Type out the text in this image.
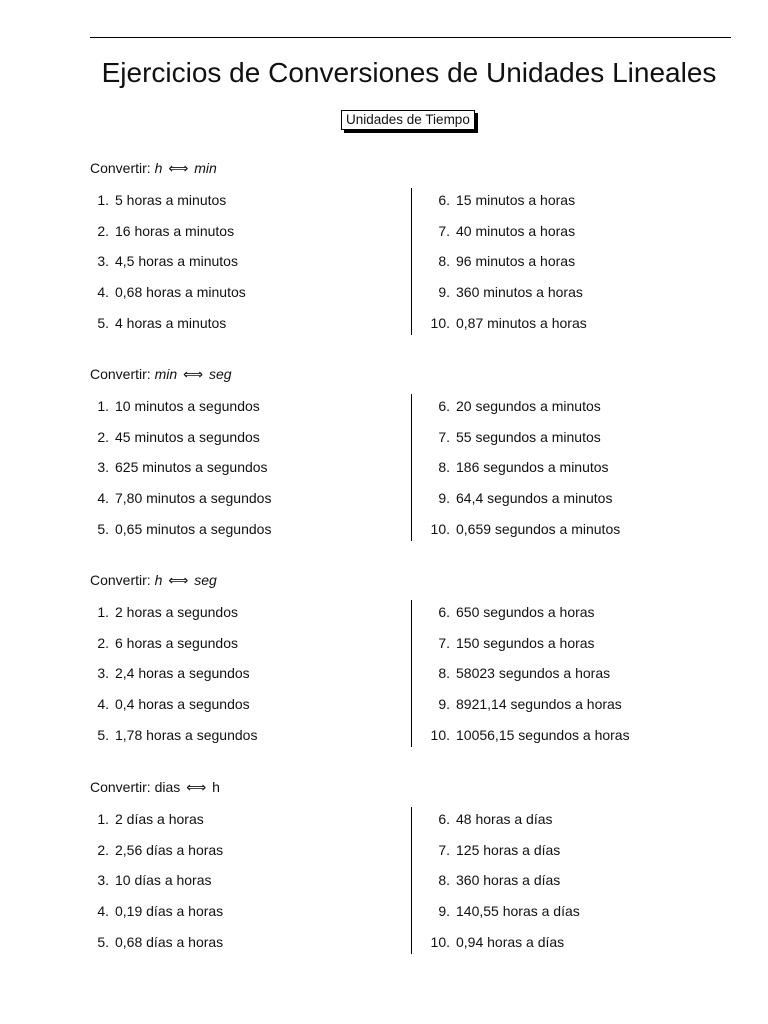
Ejercicios de Conversiones de Unidades Lineales
Unidades de Tiempo
Convertir: h ⟺ min
1. 5 horas a minutos
2. 16 horas a minutos
3. 4,5 horas a minutos
4. 0,68 horas a minutos
5. 4 horas a minutos
6. 15 minutos a horas
7. 40 minutos a horas
8. 96 minutos a horas
9. 360 minutos a horas
10. 0,87 minutos a horas
Convertir: min ⟺ seg
1. 10 minutos a segundos
2. 45 minutos a segundos
3. 625 minutos a segundos
4. 7,80 minutos a segundos
5. 0,65 minutos a segundos
6. 20 segundos a minutos
7. 55 segundos a minutos
8. 186 segundos a minutos
9. 64,4 segundos a minutos
10. 0,659 segundos a minutos
Convertir: h ⟺ seg
1. 2 horas a segundos
2. 6 horas a segundos
3. 2,4 horas a segundos
4. 0,4 horas a segundos
5. 1,78 horas a segundos
6. 650 segundos a horas
7. 150 segundos a horas
8. 58023 segundos a horas
9. 8921,14 segundos a horas
10. 10056,15 segundos a horas
Convertir: dias ⟺ h
1. 2 días a horas
2. 2,56 días a horas
3. 10 días a horas
4. 0,19 días a horas
5. 0,68 días a horas
6. 48 horas a días
7. 125 horas a días
8. 360 horas a días
9. 140,55 horas a días
10. 0,94 horas a días
